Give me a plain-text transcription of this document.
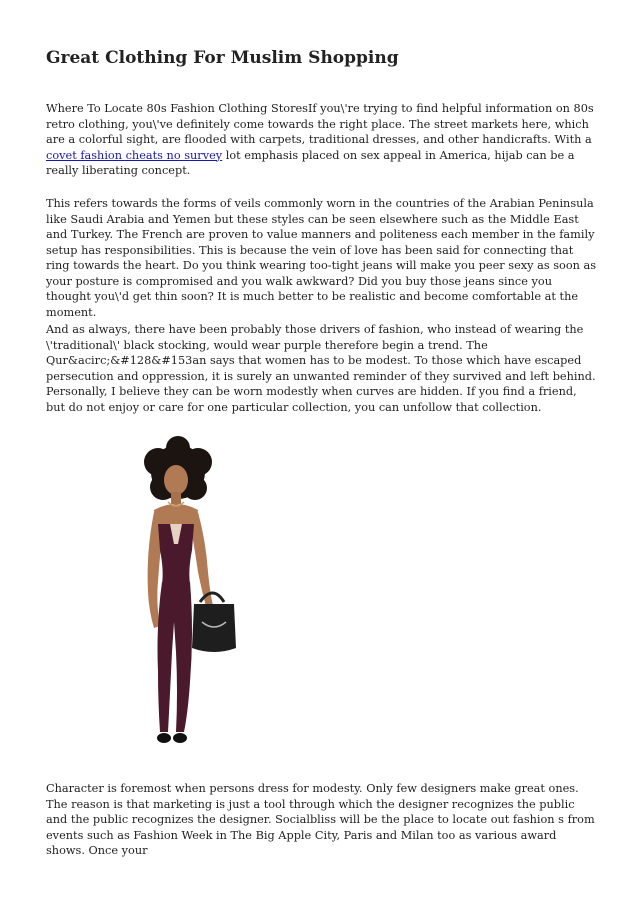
Great Clothing For Muslim Shopping

Where To Locate 80s Fashion Clothing StoresIf you\'re trying to find helpful information on 80s retro clothing, you\'ve definitely come towards the right place. The street markets here, which are a colorful sight, are flooded with carpets, traditional dresses, and other handicrafts. With a covet fashion cheats no survey lot emphasis placed on sex appeal in America, hijab can be a really liberating concept.

This refers towards the forms of veils commonly worn in the countries of the Arabian Peninsula like Saudi Arabia and Yemen but these styles can be seen elsewhere such as the Middle East and Turkey. The French are proven to value manners and politeness each member in the family setup has responsibilities. This is because the vein of love has been said for connecting that ring towards the heart. Do you think wearing too-tight jeans will make you peer sexy as soon as your posture is compromised and you walk awkward? Did you buy those jeans since you thought you\'d get thin soon? It is much better to be realistic and become comfortable at the moment.

And as always, there have been probably those drivers of fashion, who instead of wearing the \'traditional\' black stocking, would wear purple therefore begin a trend. The Qur&acirc;&#128&#153an says that women has to be modest. To those which have escaped persecution and oppression, it is surely an unwanted reminder of they survived and left behind. Personally, I believe they can be worn modestly when curves are hidden. If you find a friend, but do not enjoy or care for one particular collection, you can unfollow that collection.

Character is foremost when persons dress for modesty. Only few designers make great ones. The reason is that marketing is just a tool through which the designer recognizes the public and the public recognizes the designer. Socialbliss will be the place to locate out fashion s from events such as Fashion Week in The Big Apple City, Paris and Milan too as various award shows. Once your
